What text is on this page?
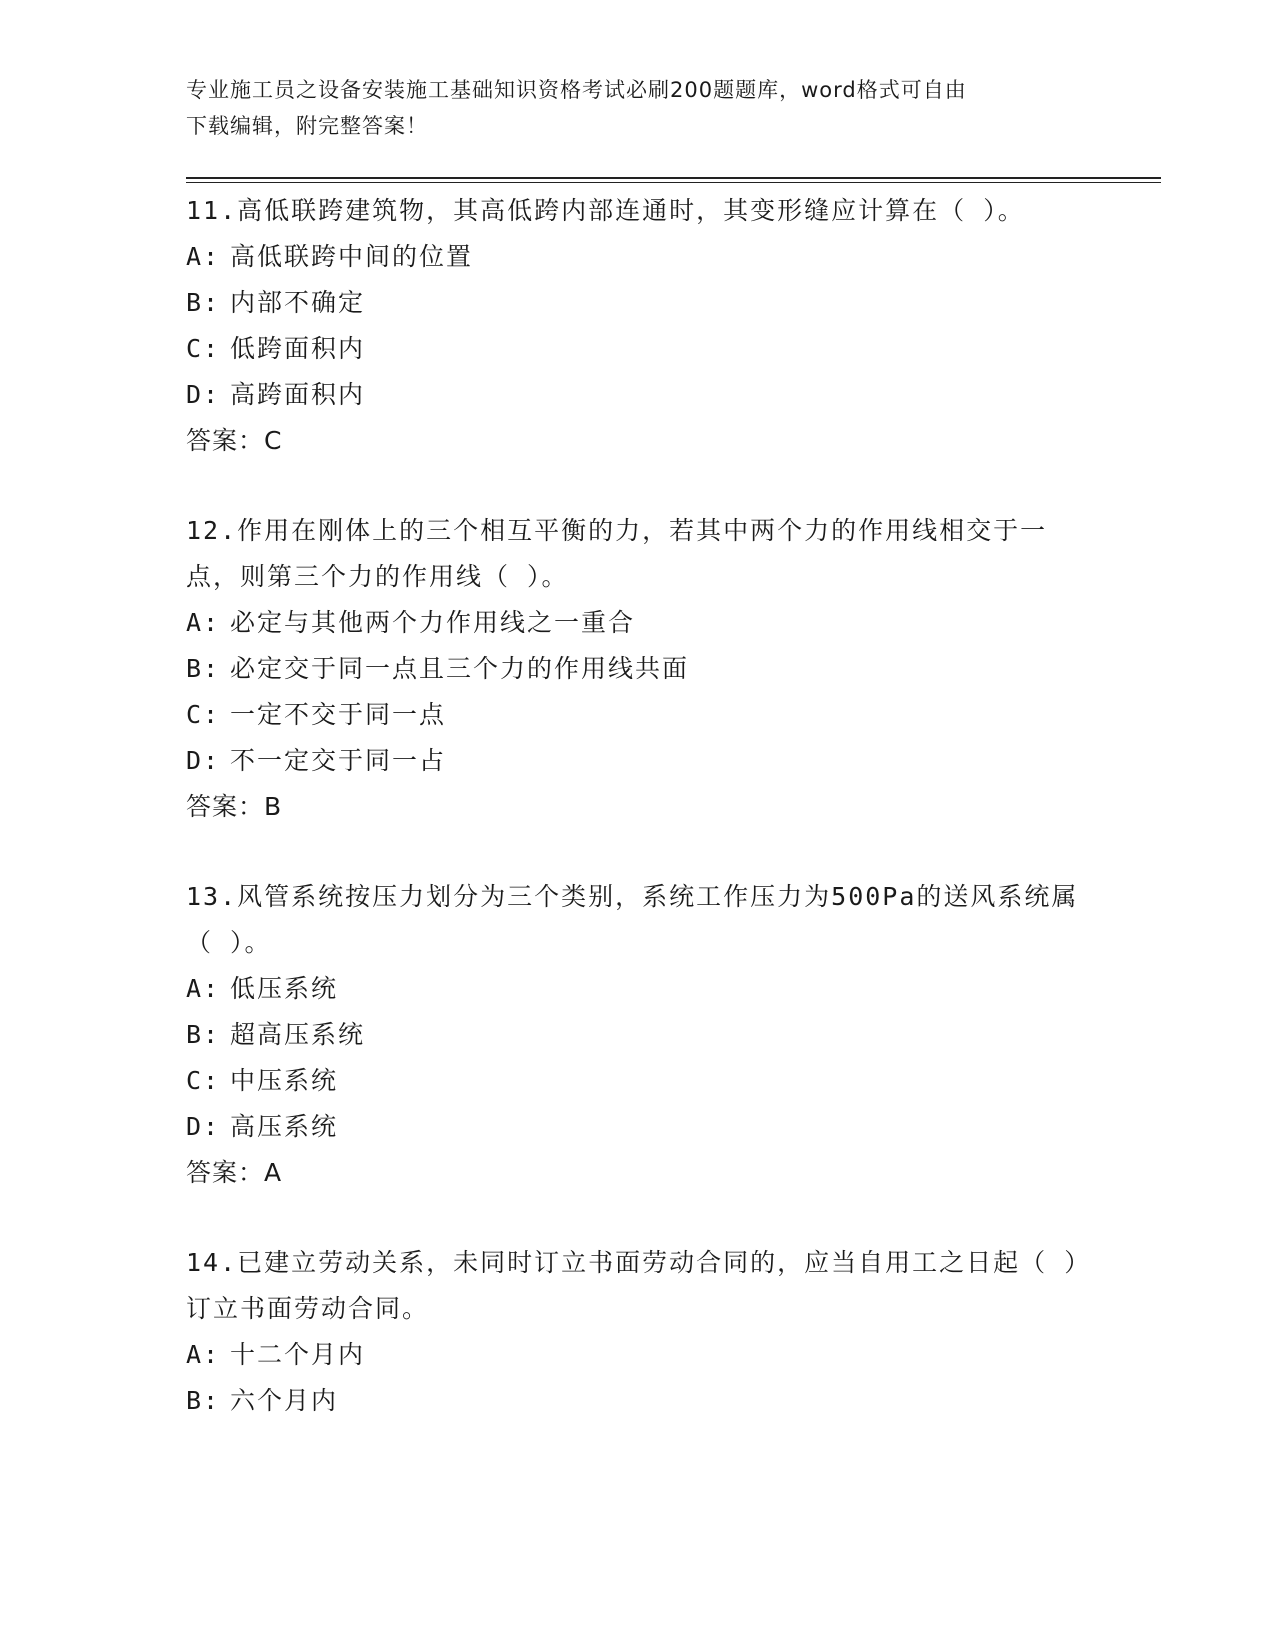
专业施工员之设备安装施工基础知识资格考试必刷200题题库，word格式可自由
下载编辑，附完整答案！

11.高低联跨建筑物，其高低跨内部连通时，其变形缝应计算在（ ）。

A: 高低联跨中间的位置
B: 内部不确定
C: 低跨面积内
D: 高跨面积内

答案：C

12.作用在刚体上的三个相互平衡的力，若其中两个力的作用线相交于一点，则第三个力的作用线（ ）。

A: 必定与其他两个力作用线之一重合
B: 必定交于同一点且三个力的作用线共面
C: 一定不交于同一点
D: 不一定交于同一占

答案：B

13.风管系统按压力划分为三个类别，系统工作压力为500Pa的送风系统属（ ）。

A: 低压系统
B: 超高压系统
C: 中压系统
D: 高压系统

答案：A

14.已建立劳动关系，未同时订立书面劳动合同的，应当自用工之日起（ ）订立书面劳动合同。

A: 十二个月内
B: 六个月内
